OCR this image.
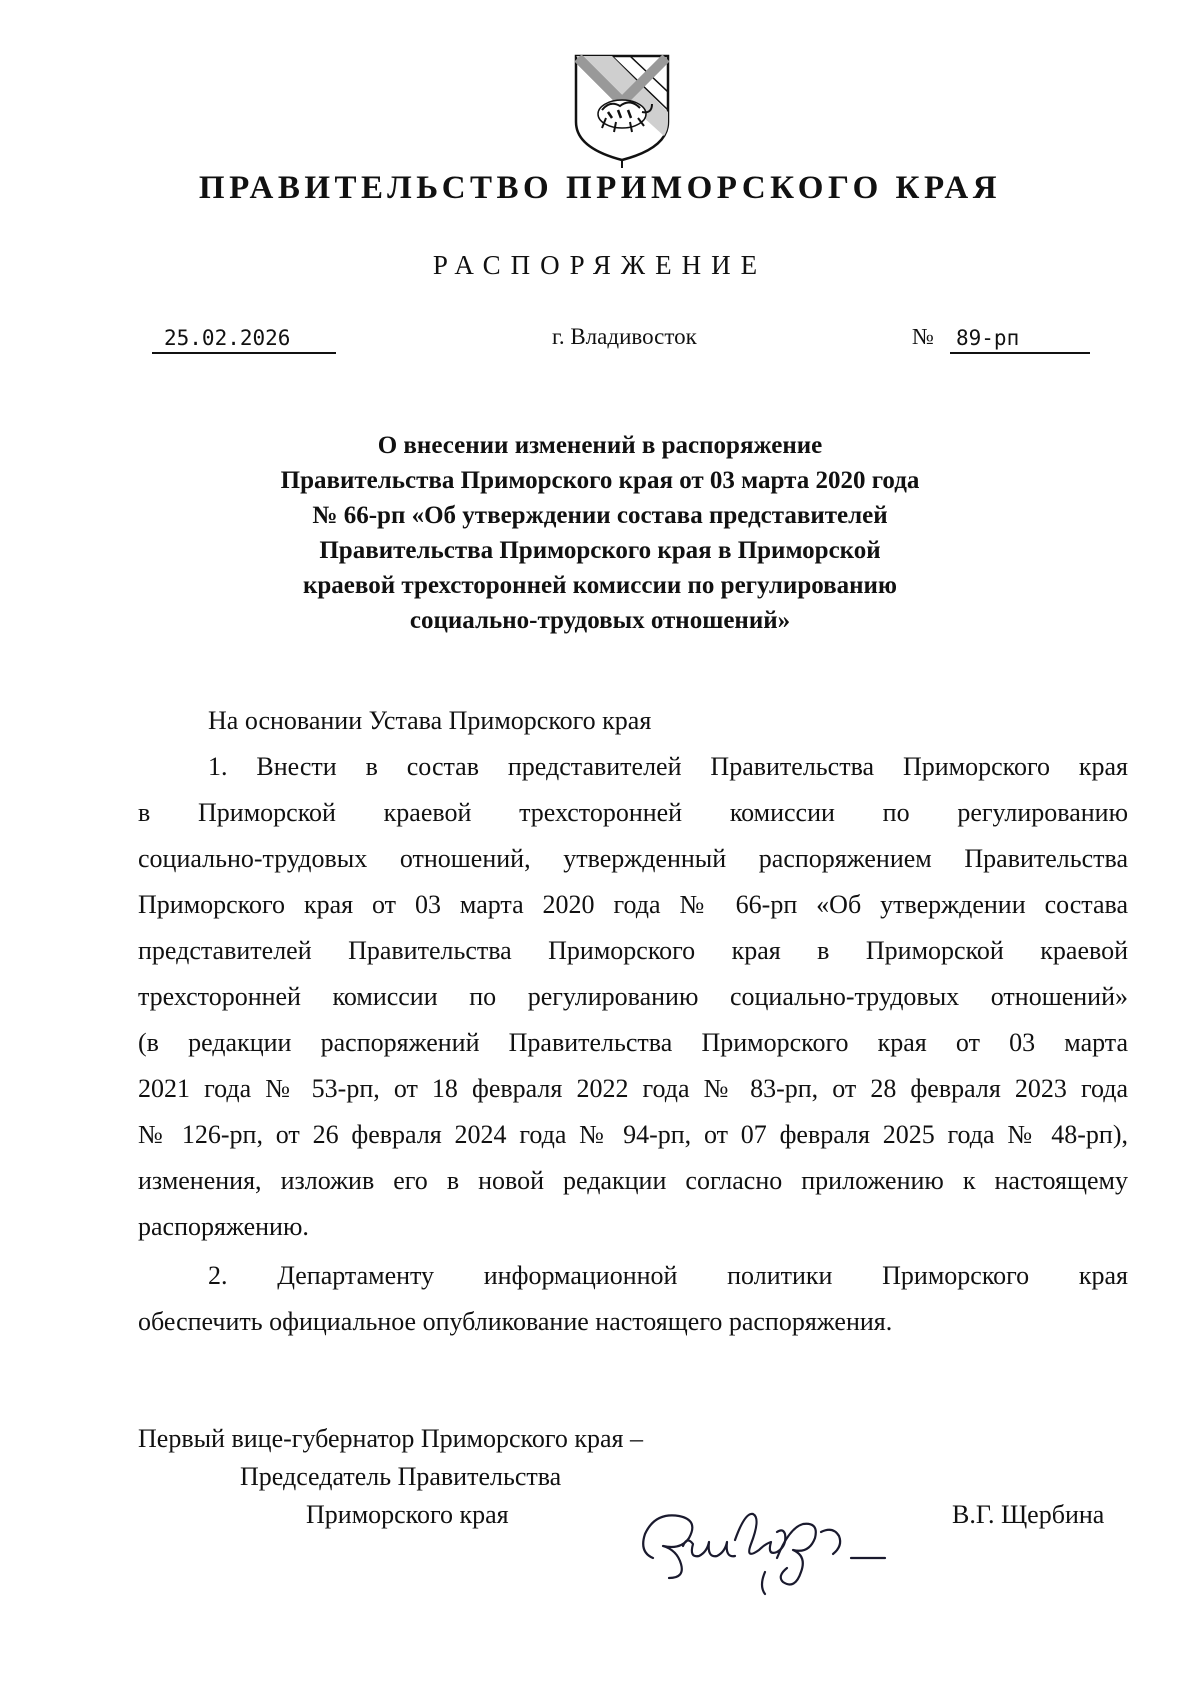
ПРАВИТЕЛЬСТВО ПРИМОРСКОГО КРАЯ
РАСПОРЯЖЕНИЕ
25.02.2026	г. Владивосток	№ 89-рп
О внесении изменений в распоряжение
Правительства Приморского края от 03 марта 2020 года
№ 66-рп «Об утверждении состава представителей
Правительства Приморского края в Приморской
краевой трехсторонней комиссии по регулированию
социально-трудовых отношений»
На основании Устава Приморского края
1. Внести в состав представителей Правительства Приморского края
в Приморской краевой трехсторонней комиссии по регулированию
социально-трудовых отношений, утвержденный распоряжением Правительства
Приморского края от 03 марта 2020 года № 66-рп «Об утверждении состава
представителей Правительства Приморского края в Приморской краевой
трехсторонней комиссии по регулированию социально-трудовых отношений»
(в редакции распоряжений Правительства Приморского края от 03 марта
2021 года № 53-рп, от 18 февраля 2022 года № 83-рп, от 28 февраля 2023 года
№ 126-рп, от 26 февраля 2024 года № 94-рп, от 07 февраля 2025 года № 48-рп),
изменения, изложив его в новой редакции согласно приложению к настоящему
распоряжению.
2. Департаменту информационной политики Приморского края
обеспечить официальное опубликование настоящего распоряжения.
Первый вице-губернатор Приморского края –
Председатель Правительства
Приморского края	В.Г. Щербина
